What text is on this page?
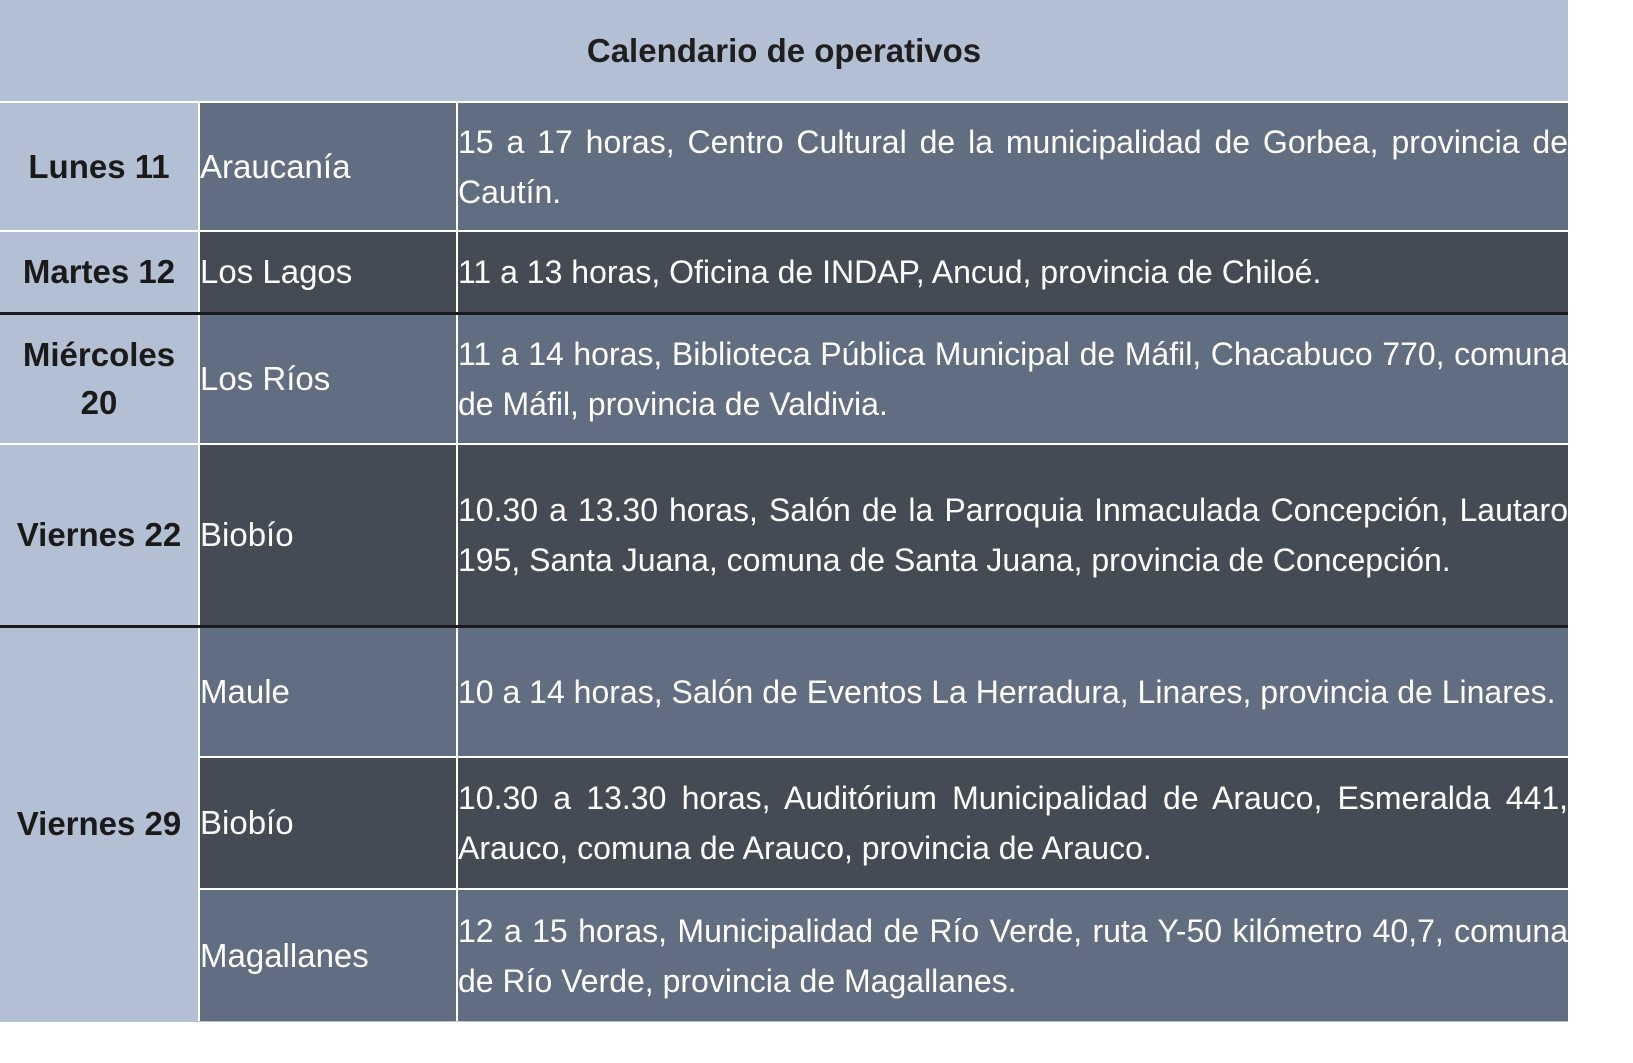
Calendario de operativos
Lunes 11	Araucanía	15 a 17 horas, Centro Cultural de la municipalidad de Gorbea, provincia de Cautín.
Martes 12	Los Lagos	11 a 13 horas, Oficina de INDAP, Ancud, provincia de Chiloé.
Miércoles 20	Los Ríos	11 a 14 horas, Biblioteca Pública Municipal de Máfil, Chacabuco 770, comuna de Máfil, provincia de Valdivia.
Viernes 22	Biobío	10.30 a 13.30 horas, Salón de la Parroquia Inmaculada Concepción, Lautaro 195, Santa Juana, comuna de Santa Juana, provincia de Concepción.
Viernes 29	Maule	10 a 14 horas, Salón de Eventos La Herradura, Linares, provincia de Linares.
	Biobío	10.30 a 13.30 horas, Auditórium Municipalidad de Arauco, Esmeralda 441, Arauco, comuna de Arauco, provincia de Arauco.
	Magallanes	12 a 15 horas, Municipalidad de Río Verde, ruta Y-50 kilómetro 40,7, comuna de Río Verde, provincia de Magallanes.
